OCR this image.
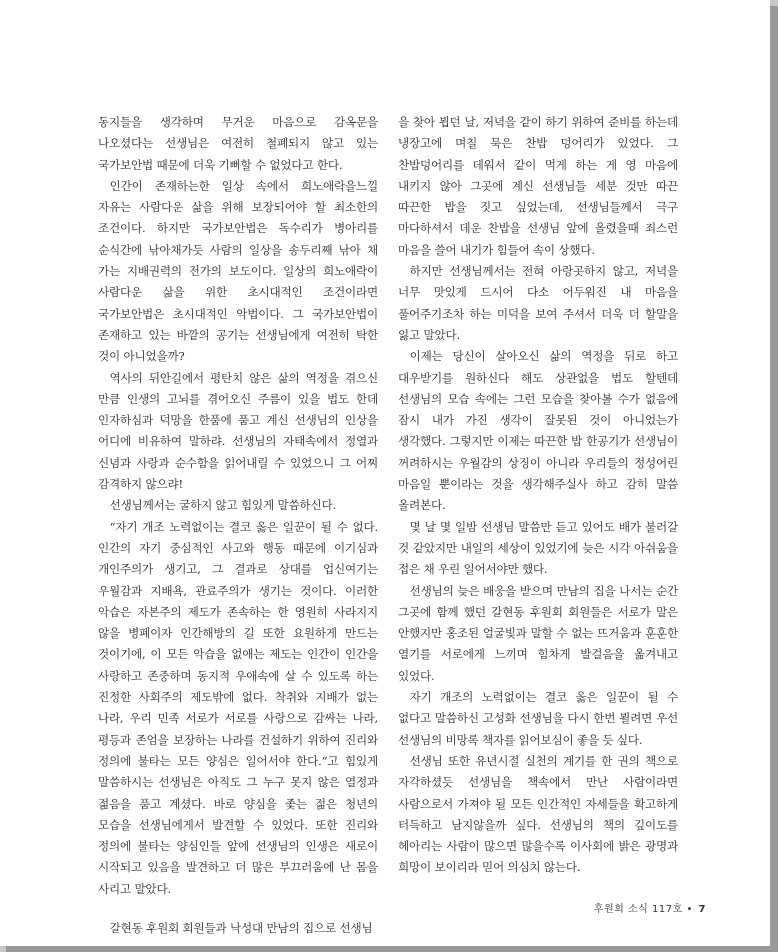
동지들을 생각하며 무거운 마음으로 감옥문을 나오셨다는 선생님은 여전히 철폐되지 않고 있는 국가보안법 때문에 더욱 기뻐할 수 없었다고 한다.

인간이 존재하는한 일상 속에서 희노애락을느낄 자유는 사람다운 삶을 위해 보장되어야 할 최소한의 조건이다. 하지만 국가보안법은 독수리가 병아리를 순식간에 낚아채가듯 사람의 일상을 송두리째 낚아 채 가는 지배권력의 전가의 보도이다. 일상의 희노애락이 사람다운 삶을 위한 초시대적인 조건이라면 국가보안법은 초시대적인 악법이다. 그 국가보안법이 존재하고 있는 바깥의 공기는 선생님에게 여전히 탁한 것이 아니었을까?

역사의 뒤안길에서 평탄치 않은 삶의 역정을 겪으신 만큼 인생의 고뇌를 겪어오신 주름이 있을 법도 한데 인자하심과 덕망을 한품에 품고 계신 선생님의 인상을 어디에 비유하여 말하랴. 선생님의 자태속에서 정열과 신념과 사랑과 순수함을 읽어내릴 수 있었으니 그 어찌 감격하지 않으랴!

선생님께서는 굴하지 않고 힘있게 말씀하신다.

“자기 개조 노력없이는 결코 옳은 일꾼이 될 수 없다. 인간의 자기 중심적인 사고와 행동 때문에 이기심과 개인주의가 생기고, 그 결과로 상대를 업신여기는 우월감과 지배욕, 관료주의가 생기는 것이다. 이러한 악습은 자본주의 제도가 존속하는 한 영원히 사라지지 않을 병폐이자 인간해방의 길 또한 요원하게 만드는 것이기에, 이 모든 악습을 없애는 제도는 인간이 인간을 사랑하고 존중하며 동지적 우애속에 살 수 있도록 하는 진정한 사회주의 제도밖에 없다. 착취와 지배가 없는 나라, 우리 민족 서로가 서로를 사랑으로 감싸는 나라, 평등과 존엄을 보장하는 나라를 건설하기 위하여 진리와 정의에 불타는 모든 양심은 일어서야 한다.”고 힘있게 말씀하시는 선생님은 아직도 그 누구 못지 않은 열정과 젊음을 품고 계셨다. 바로 양심을 좇는 젊은 청년의 모습을 선생님에게서 발견할 수 있었다. 또한 진리와 정의에 불타는 양심인들 앞에 선생님의 인생은 새로이 시작되고 있음을 발견하고 더 많은 부끄러움에 난 몸을 사리고 말았다.

갈현동 후원회 회원들과 낙성대 만남의 집으로 선생님

을 찾아 뵙던 날, 저녁을 같이 하기 위하여 준비를 하는데 냉장고에 며칠 묵은 찬밥 덩어리가 있었다. 그 찬밥덩어리를 데워서 같이 먹게 하는 게 영 마음에 내키지 않아 그곳에 계신 선생님들 세분 것만 따끈 따끈한 밥을 짓고 싶었는데, 선생님들께서 극구 마다하셔서 데운 찬밥을 선생님 앞에 올렸을때 죄스런 마음을 쓸어 내기가 힘들어 속이 상했다.

하지만 선생님께서는 전혀 아랑곳하지 않고, 저녁을 너무 맛있게 드시어 다소 어두워진 내 마음을 풀어주기조차 하는 미덕을 보여 주셔서 더욱 더 할말을 잃고 말았다.

이제는 당신이 살아오신 삶의 역정을 뒤로 하고 대우받기를 원하신다 해도 상관없을 법도 할텐데 선생님의 모습 속에는 그런 모습을 찾아볼 수가 없음에 잠시 내가 가진 생각이 잘못된 것이 아니었는가 생각했다. 그렇지만 이제는 따끈한 밥 한공기가 선생님이 꺼려하시는 우월감의 상징이 아니라 우리들의 정성어린 마음일 뿐이라는 것을 생각해주실사 하고 감히 말씀 올려본다.

몇 날 몇 일밤 선생님 말씀만 듣고 있어도 배가 불러갈 것 같았지만 내일의 세상이 있었기에 늦은 시각 아쉬움을 접은 채 우린 일어서야만 했다.

선생님의 늦은 배웅을 받으며 만남의 집을 나서는 순간 그곳에 함께 했던 갈현동 후원회 회원들은 서로가 말은 안했지만 홍조된 얼굴빛과 말할 수 없는 뜨거움과 훈훈한 열기를 서로에게 느끼며 힘차게 발걸음을 옮겨내고 있었다.

자기 개조의 노력없이는 결코 옳은 일꾼이 될 수 없다고 말씀하신 고성화 선생님을 다시 한번 뵐려면 우선 선생님의 비망록 책자를 읽어보심이 좋을 듯 싶다.

선생님 또한 유년시절 실천의 계기를 한 권의 책으로 자각하셨듯 선생님을 책속에서 만난 사람이라면 사람으로서 가져야 될 모든 인간적인 자세들을 확고하게 터득하고 남지않을까 싶다. 선생님의 책의 깊이도를 헤아리는 사람이 많으면 많을수록 이사회에 밝은 광명과 희망이 보이리라 믿어 의심치 않는다.

후원회 소식 117호 • 7
